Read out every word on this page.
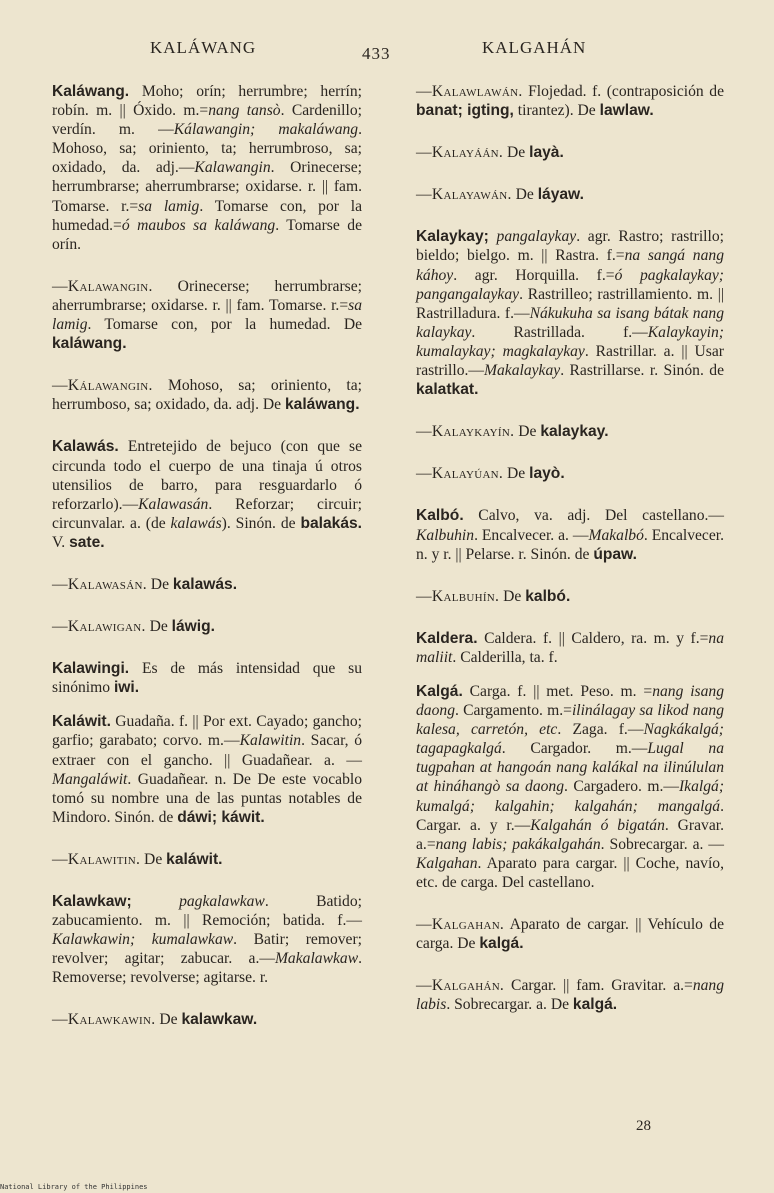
KALÁWANG	433	KALGAHÁN

Kaláwang. Moho; orín; herrumbre; herrín; robín. m. || Óxido. m.=nang tansò. Cardenillo; verdín. m. —Kálawangin; makaláwang. Mohoso, sa; oriniento, ta; herrumbroso, sa; oxidado, da. adj.—Kalawangin. Orinecerse; herrumbrarse; aherrumbrarse; oxidarse. r. || fam. Tomarse. r.=sa lamig. Tomarse con, por la humedad.=ó maubos sa kaláwang. Tomarse de orín.

—Kalawangin. Orinecerse; herrumbrarse; aherrumbrarse; oxidarse. r. || fam. Tomarse. r.=sa lamig. Tomarse con, por la humedad. De kaláwang.

—Kálawangin. Mohoso, sa; oriniento, ta; herrumboso, sa; oxidado, da. adj. De kaláwang.

Kalawás. Entretejido de bejuco (con que se circunda todo el cuerpo de una tinaja ú otros utensilios de barro, para resguardarlo ó reforzarlo).—Kalawasán. Reforzar; circuir; circunvalar. a. (de kalawás). Sinón. de balakás. V. sate.

—Kalawasán. De kalawás.

—Kalawigan. De láwig.

Kalawingi. Es de más intensidad que su sinónimo iwi.

Kaláwit. Guadaña. f. || Por ext. Cayado; gancho; garfio; garabato; corvo. m.—Kalawitin. Sacar, ó extraer con el gancho. || Guadañear. a. —Mangaláwit. Guadañear. n. De De este vocablo tomó su nombre una de las puntas notables de Mindoro. Sinón. de dáwi; káwit.

—Kalawitin. De kaláwit.

Kalawkaw;	pagkalawkaw. Batido; zabucamiento. m. || Remoción; batida. f.—Kalawkawin; kumalawkaw. Batir; remover; revolver; agitar; zabucar. a.—Makalawkaw. Removerse; revolverse; agitarse. r.

—Kalawkawin. De kalawkaw.

—Kalawlawán. Flojedad. f. (contraposición de banat; igting, tirantez). De lawlaw.

—Kalayáán. De layà.

—Kalayawán. De láyaw.

Kalaykay; pangalaykay. agr. Rastro; rastrillo; bieldo; bielgo. m. || Rastra. f.=na sangá nang káhoy. agr. Horquilla. f.=ó pagkalaykay; pangangalaykay. Rastrilleo; rastrillamiento. m. || Rastrilladura. f.—Nákukuha sa isang bátak nang kalaykay. Rastrillada. f.—Kalaykayin; kumalaykay; magkalaykay. Rastrillar. a. || Usar rastrillo.—Makalaykay. Rastrillarse. r. Sinón. de kalatkat.

—Kalaykayín. De kalaykay.

—Kalayúan. De layò.

Kalbó. Calvo, va. adj. Del castellano.—Kalbuhin. Encalvecer. a. —Makalbó. Encalvecer. n. y r. || Pelarse. r. Sinón. de úpaw.

—Kalbuhín. De kalbó.

Kaldera. Caldera. f. || Caldero, ra. m. y f.=na maliit. Calderilla, ta. f.

Kalgá. Carga. f. || met. Peso. m. =nang isang daong. Cargamento. m.=ilinálagay sa likod nang kalesa, carretón, etc. Zaga. f.—Nagkákalgá; tagapagkalgá. Cargador. m.—Lugal na tugpahan at hangoán nang kalákal na ilinúlulan at hináhangò sa daong. Cargadero. m.—Ikalgá; kumalgá; kalgahin; kalgahán; mangalgá. Cargar. a. y r.—Kalgahán ó bigatán. Gravar. a.=nang labis; pakákalgahán. Sobrecargar. a. — Kalgahan. Aparato para cargar. || Coche, navío, etc. de carga. Del castellano.

—Kalgahan. Aparato de cargar. || Vehículo de carga. De kalgá.

—Kalgahán. Cargar. || fam. Gravitar. a.=nang labis. Sobrecargar. a. De kalgá.

28
National Library of the Philippines
